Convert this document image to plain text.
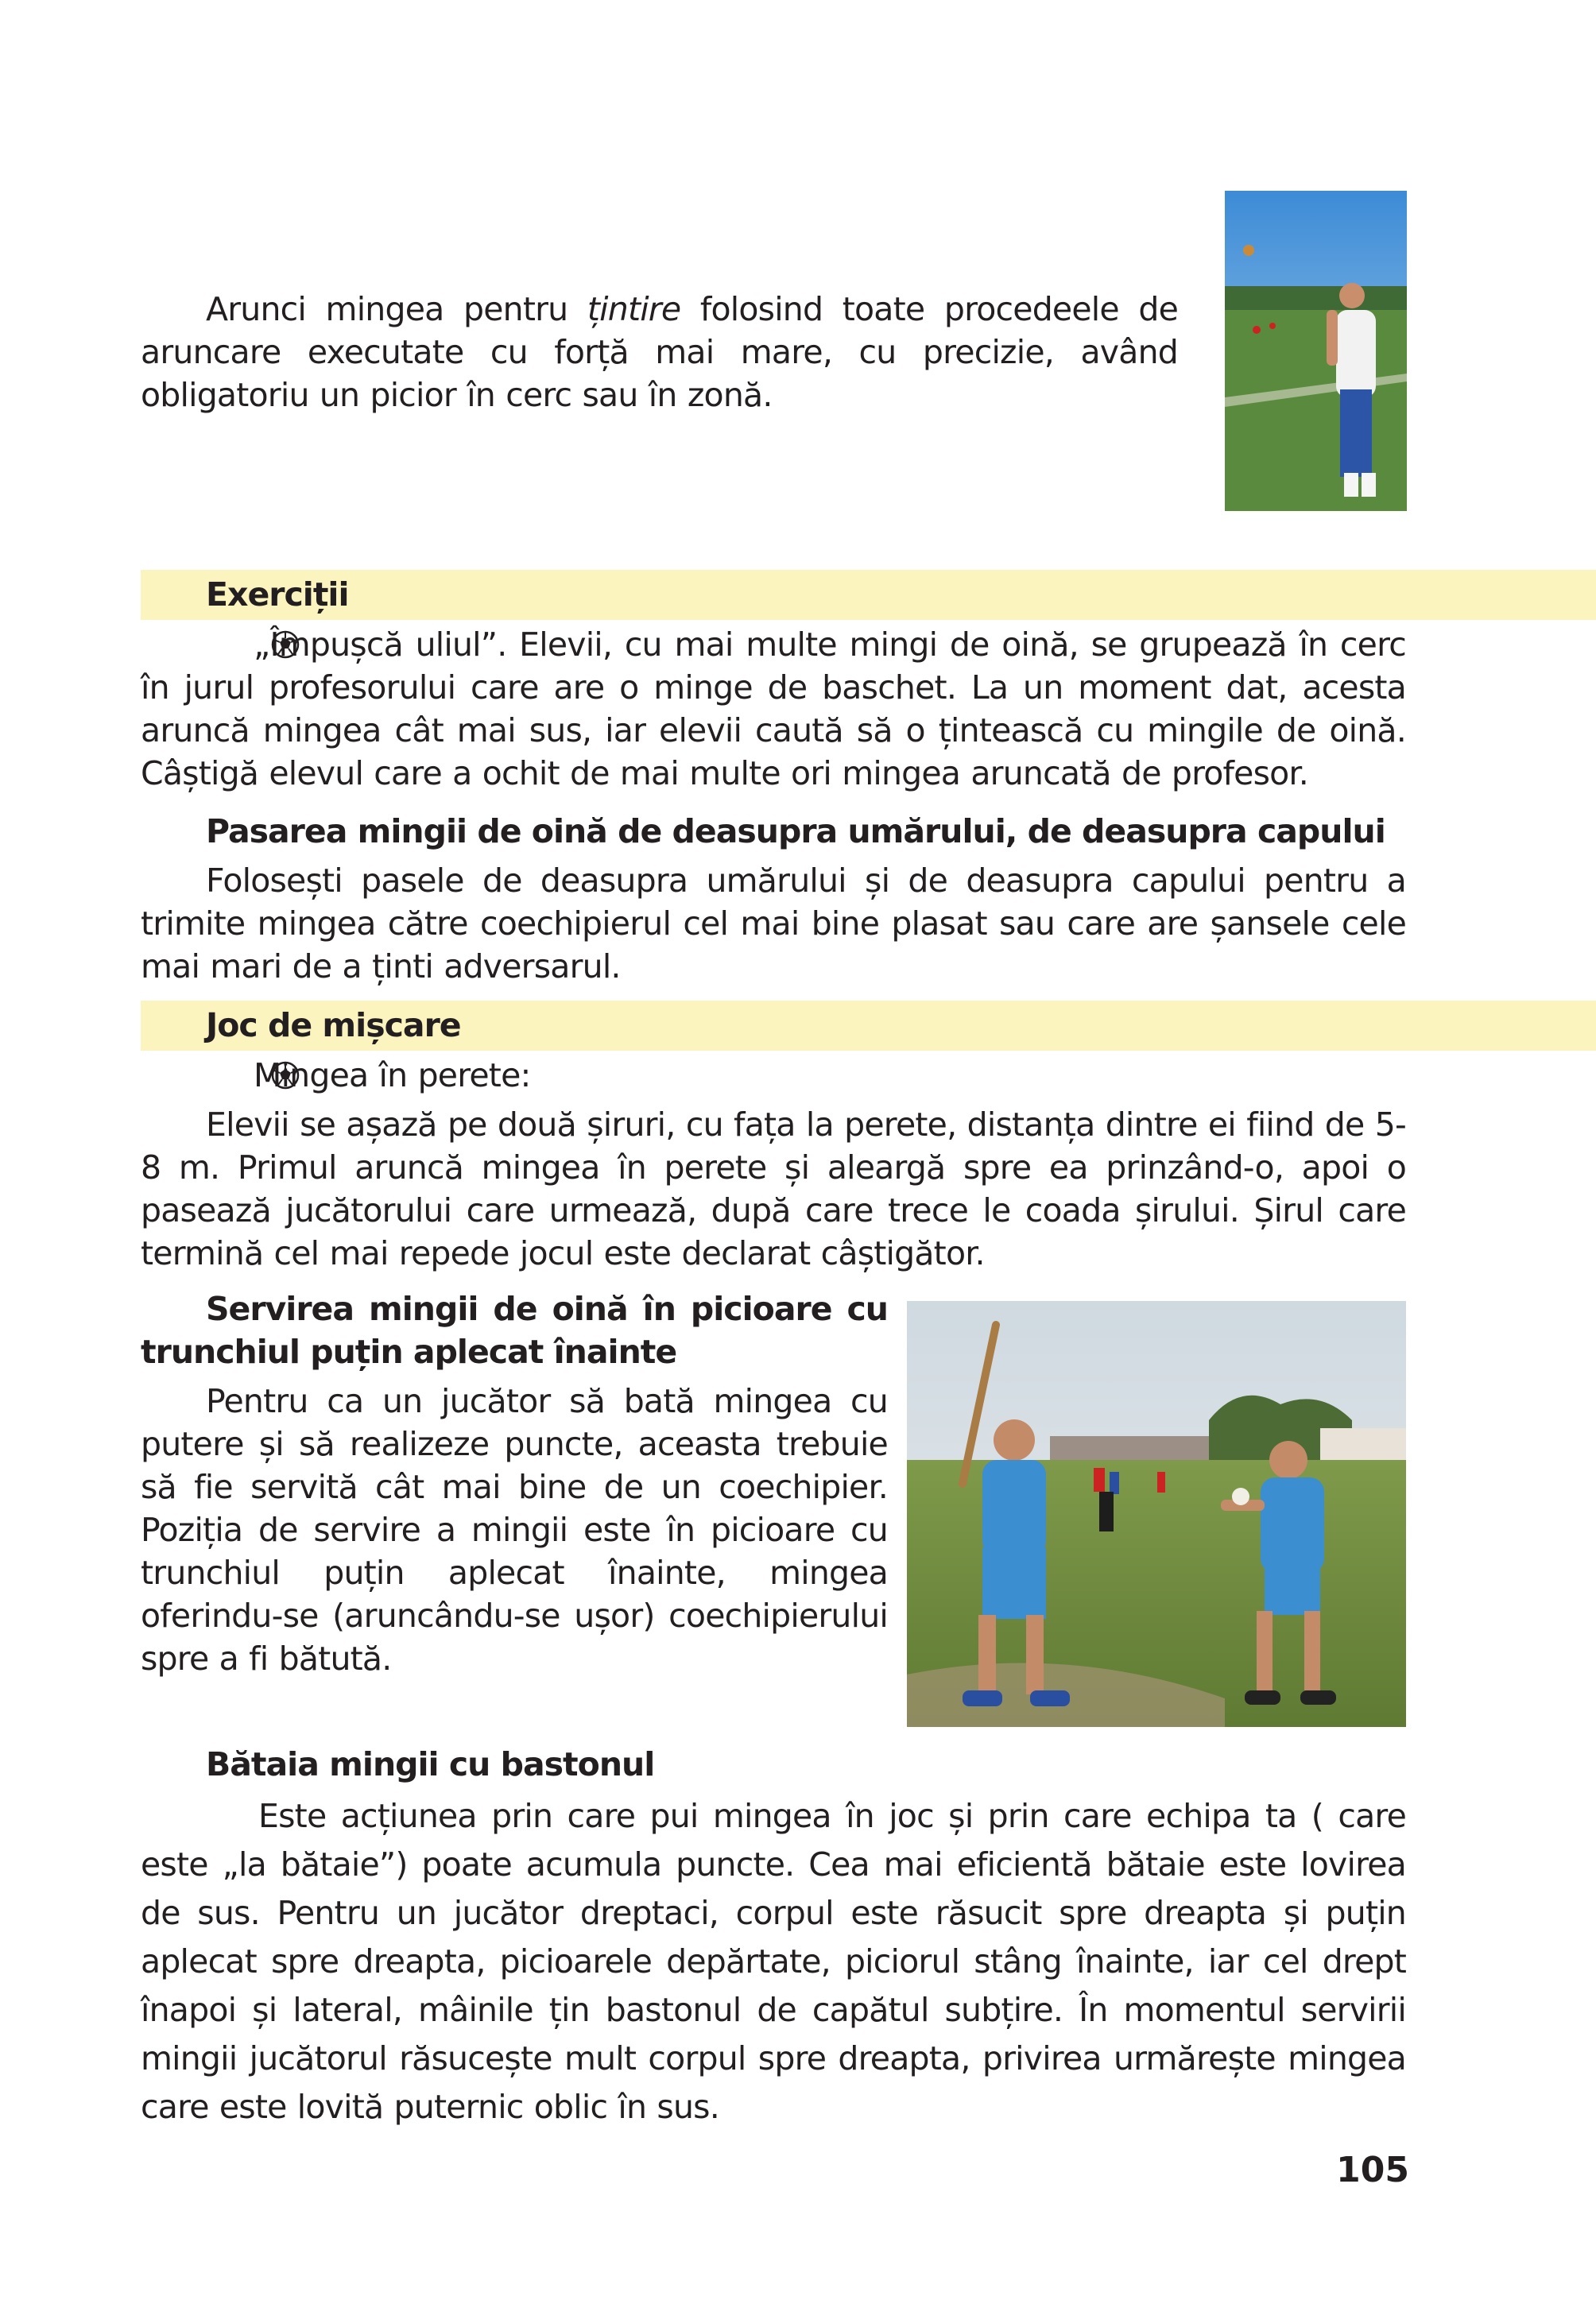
Arunci mingea pentru țintire folosind toate procedeele de aruncare executate cu forță mai mare, cu precizie, având obligatoriu un picior în cerc sau în zonă.

Exerciții

„Împușcă uliul”. Elevii, cu mai multe mingi de oină, se grupează în cerc în jurul profesorului care are o minge de baschet. La un moment dat, acesta aruncă mingea cât mai sus, iar elevii caută să o țintească cu mingile de oină. Câștigă elevul care a ochit de mai multe ori mingea aruncată de profesor.

Pasarea mingii de oină de deasupra umărului, de deasupra capului

Folosești pasele de deasupra umărului și de deasupra capului pentru a trimite mingea către coechipierul cel mai bine plasat sau care are șansele cele mai mari de a ținti adversarul.

Joc de mișcare

Mingea în perete:

Elevii se așază pe două șiruri, cu fața la perete, distanța dintre ei fiind de 5-8 m. Primul aruncă mingea în perete și aleargă spre ea prinzând-o, apoi o pasează jucătorului care urmează, după care trece le coada șirului. Șirul care termină cel mai repede jocul este declarat câștigător.

Servirea mingii de oină în picioare cu
trunchiul puțin aplecat înainte

Pentru ca un jucător să bată mingea cu putere și să realizeze puncte, aceasta trebuie să fie servită cât mai bine de un coechipier. Poziția de servire a mingii este în picioare cu trunchiul puțin aplecat înainte, mingea oferindu-se (aruncându-se ușor) coechipierului spre a fi bătută.

Bătaia mingii cu bastonul

Este acțiunea prin care pui mingea în joc și prin care echipa ta ( care este „la bătaie”) poate acumula puncte. Cea mai eficientă bătaie este lovirea de sus. Pentru un jucător dreptaci, corpul este răsucit spre dreapta și puțin aplecat spre dreapta, picioarele depărtate, piciorul stâng înainte, iar cel drept înapoi și lateral, mâinile țin bastonul de capătul subțire. În momentul servirii mingii jucătorul răsucește mult corpul spre dreapta, privirea urmărește mingea care este lovită puternic oblic în sus.

105
